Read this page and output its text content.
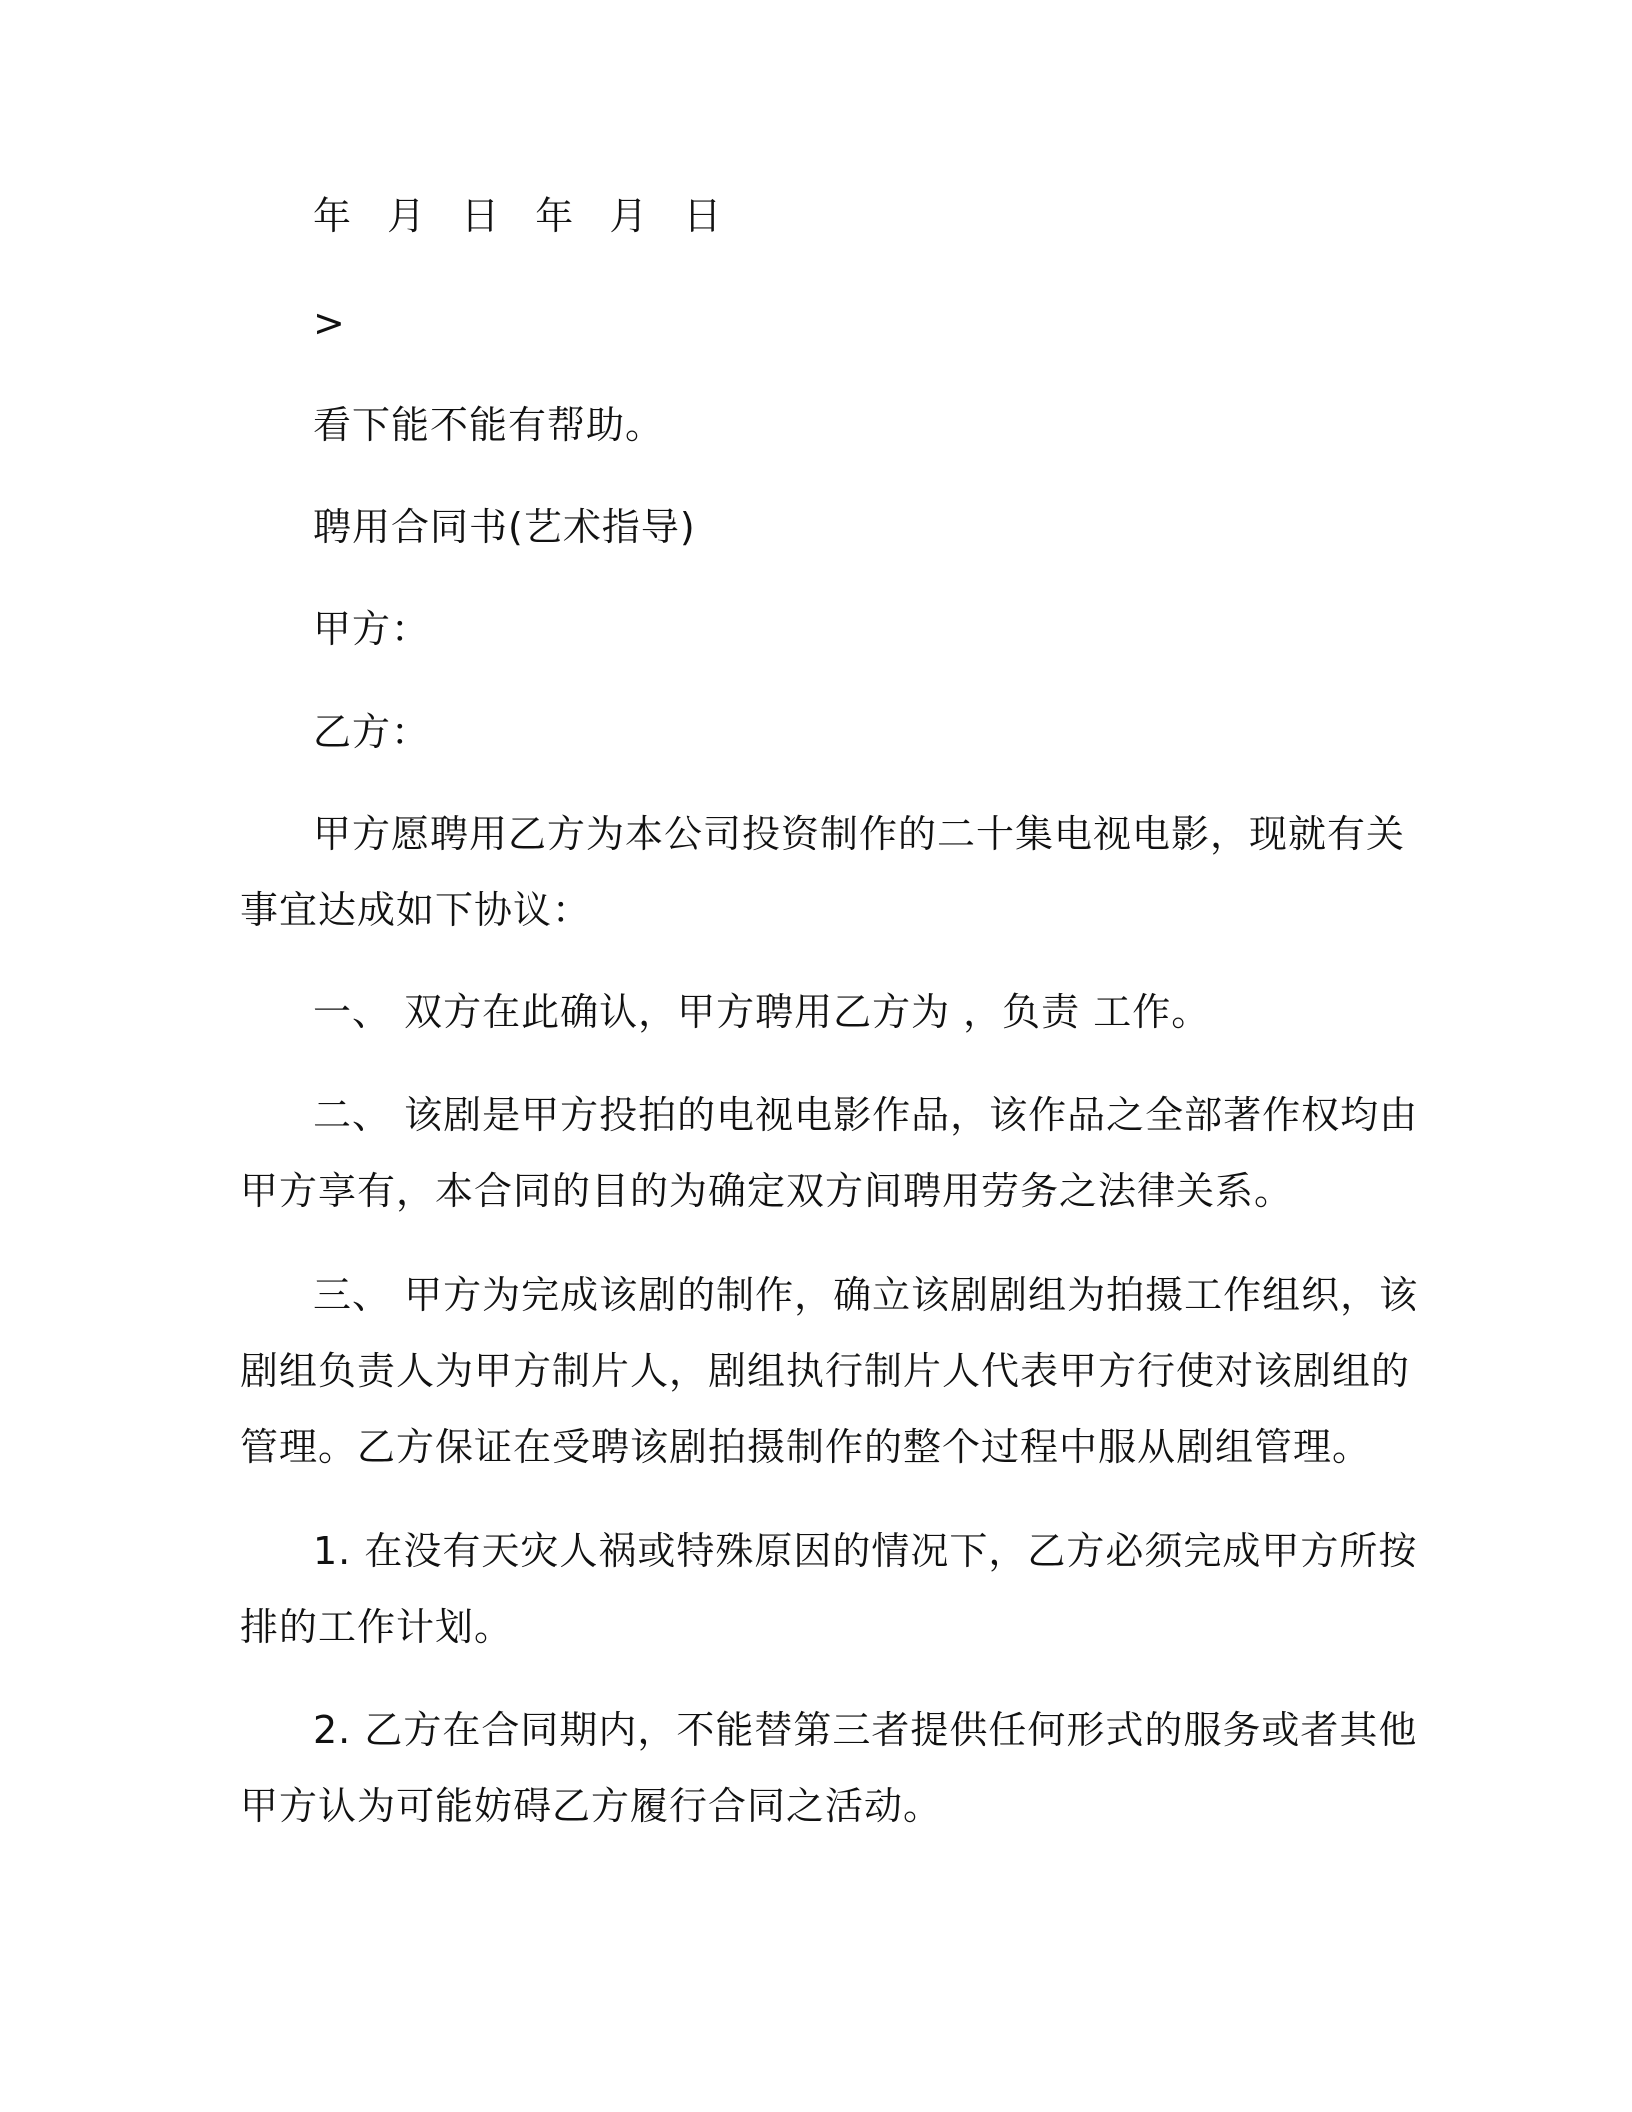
年 月 日 年 月 日
>
看下能不能有帮助。
聘用合同书(艺术指导)
甲方：
乙方：
甲方愿聘用乙方为本公司投资制作的二十集电视电影，现就有关
事宜达成如下协议：
一、 双方在此确认，甲方聘用乙方为 ，负责 工作。
二、 该剧是甲方投拍的电视电影作品，该作品之全部著作权均由
甲方享有，本合同的目的为确定双方间聘用劳务之法律关系。
三、 甲方为完成该剧的制作，确立该剧剧组为拍摄工作组织，该
剧组负责人为甲方制片人，剧组执行制片人代表甲方行使对该剧组的
管理。乙方保证在受聘该剧拍摄制作的整个过程中服从剧组管理。
1. 在没有天灾人祸或特殊原因的情况下，乙方必须完成甲方所按
排的工作计划。
2. 乙方在合同期内，不能替第三者提供任何形式的服务或者其他
甲方认为可能妨碍乙方履行合同之活动。
